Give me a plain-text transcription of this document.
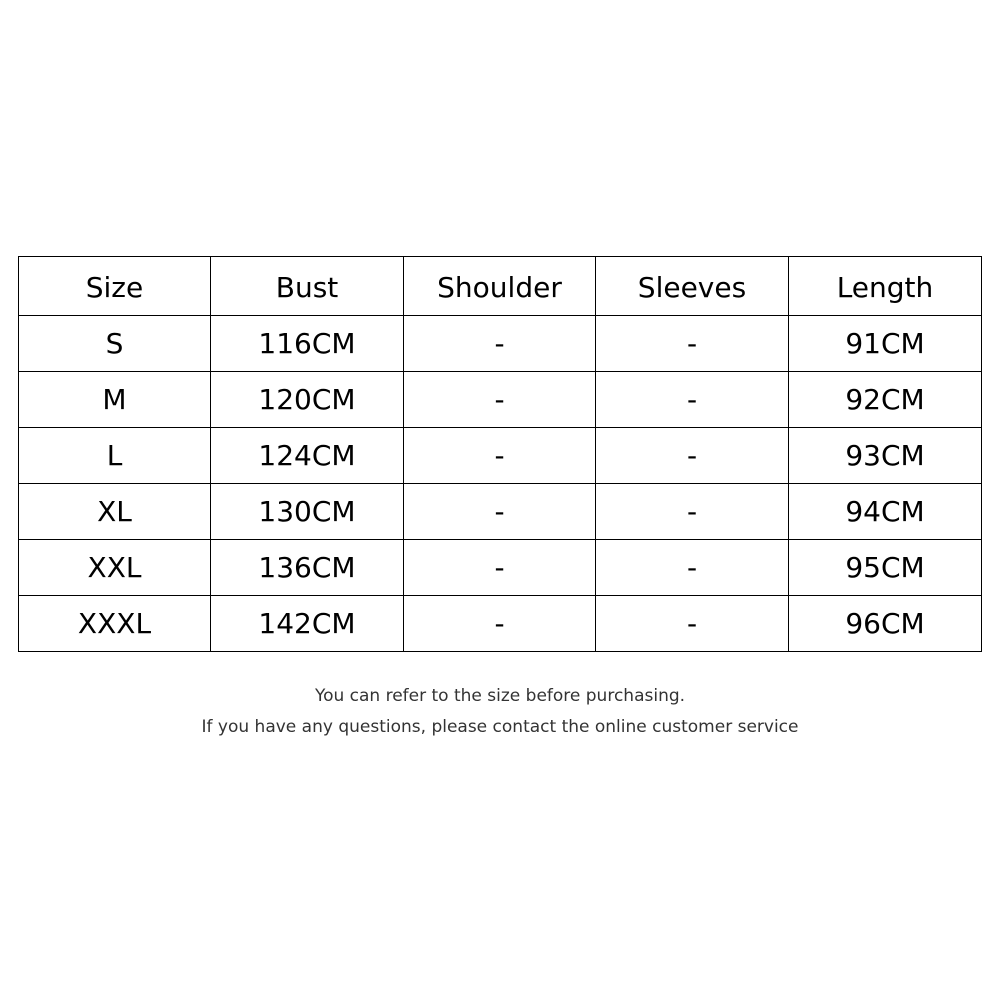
Size	Bust	Shoulder	Sleeves	Length
S	116CM	-	-	91CM
M	120CM	-	-	92CM
L	124CM	-	-	93CM
XL	130CM	-	-	94CM
XXL	136CM	-	-	95CM
XXXL	142CM	-	-	96CM
You can refer to the size before purchasing.
If you have any questions, please contact the online customer service
